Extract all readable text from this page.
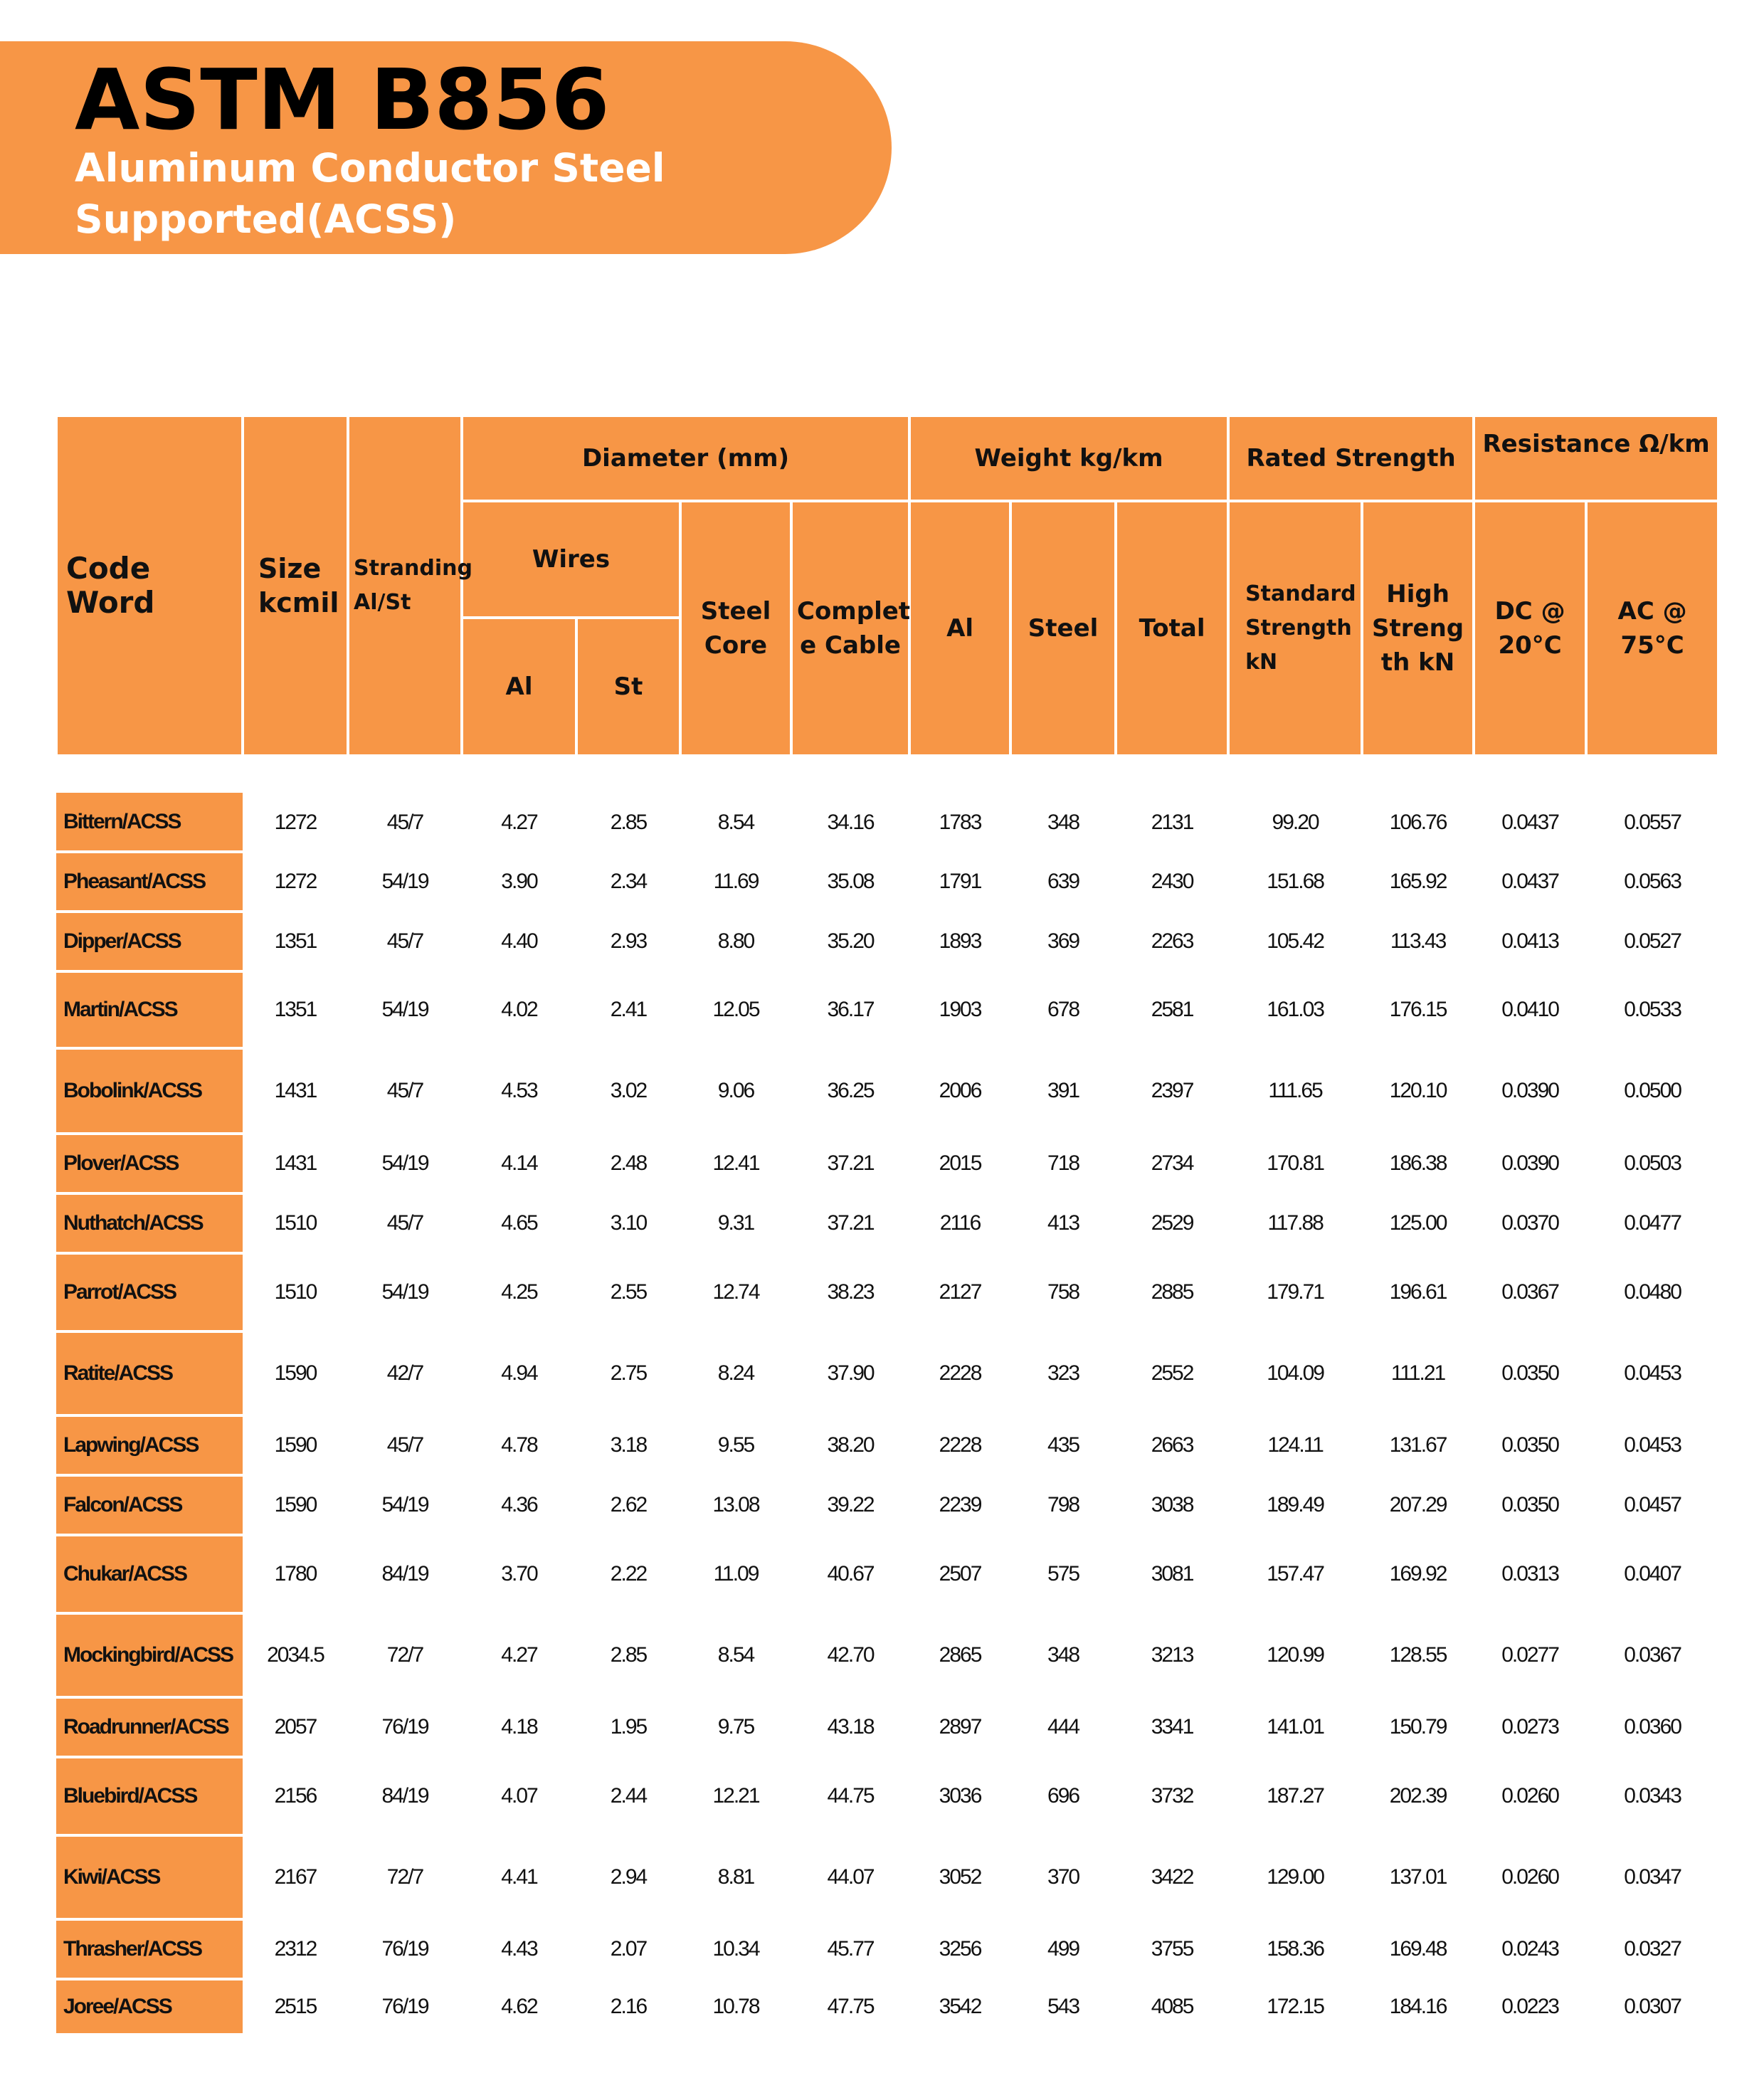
ASTM B856
Aluminum Conductor Steel Supported(ACSS)
Code Word	Size kcmil	Stranding Al/St	Diameter (mm)				Weight kg/km			Rated Strength		Resistance Ω/km	
			Wires		Steel Core	Complet e Cable	Al	Steel	Total	Standard Strength kN	High Streng th kN	DC @ 20°C	AC @ 75°C
			Al	St									

Bittern/ACSS	1272	45/7	4.27	2.85	8.54	34.16	1783	348	2131	99.20	106.76	0.0437	0.0557
Pheasant/ACSS	1272	54/19	3.90	2.34	11.69	35.08	1791	639	2430	151.68	165.92	0.0437	0.0563
Dipper/ACSS	1351	45/7	4.40	2.93	8.80	35.20	1893	369	2263	105.42	113.43	0.0413	0.0527
Martin/ACSS	1351	54/19	4.02	2.41	12.05	36.17	1903	678	2581	161.03	176.15	0.0410	0.0533
Bobolink/ACSS	1431	45/7	4.53	3.02	9.06	36.25	2006	391	2397	111.65	120.10	0.0390	0.0500
Plover/ACSS	1431	54/19	4.14	2.48	12.41	37.21	2015	718	2734	170.81	186.38	0.0390	0.0503
Nuthatch/ACSS	1510	45/7	4.65	3.10	9.31	37.21	2116	413	2529	117.88	125.00	0.0370	0.0477
Parrot/ACSS	1510	54/19	4.25	2.55	12.74	38.23	2127	758	2885	179.71	196.61	0.0367	0.0480
Ratite/ACSS	1590	42/7	4.94	2.75	8.24	37.90	2228	323	2552	104.09	111.21	0.0350	0.0453
Lapwing/ACSS	1590	45/7	4.78	3.18	9.55	38.20	2228	435	2663	124.11	131.67	0.0350	0.0453
Falcon/ACSS	1590	54/19	4.36	2.62	13.08	39.22	2239	798	3038	189.49	207.29	0.0350	0.0457
Chukar/ACSS	1780	84/19	3.70	2.22	11.09	40.67	2507	575	3081	157.47	169.92	0.0313	0.0407
Mockingbird/ACSS	2034.5	72/7	4.27	2.85	8.54	42.70	2865	348	3213	120.99	128.55	0.0277	0.0367
Roadrunner/ACSS	2057	76/19	4.18	1.95	9.75	43.18	2897	444	3341	141.01	150.79	0.0273	0.0360
Bluebird/ACSS	2156	84/19	4.07	2.44	12.21	44.75	3036	696	3732	187.27	202.39	0.0260	0.0343
Kiwi/ACSS	2167	72/7	4.41	2.94	8.81	44.07	3052	370	3422	129.00	137.01	0.0260	0.0347
Thrasher/ACSS	2312	76/19	4.43	2.07	10.34	45.77	3256	499	3755	158.36	169.48	0.0243	0.0327
Joree/ACSS	2515	76/19	4.62	2.16	10.78	47.75	3542	543	4085	172.15	184.16	0.0223	0.0307
